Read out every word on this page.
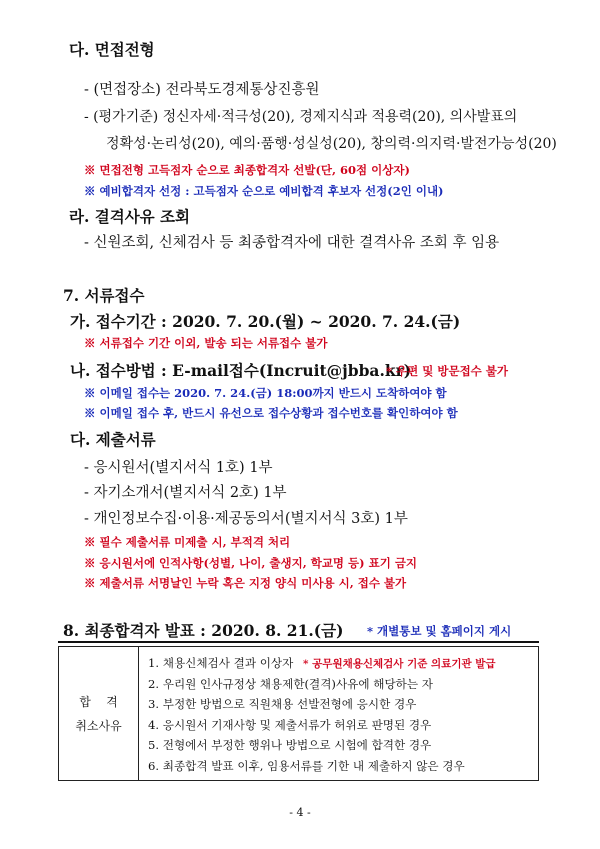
다. 면접전형
- (면접장소) 전라북도경제통상진흥원
- (평가기준) 정신자세·적극성(20), 경제지식과 적용력(20), 의사발표의
정확성·논리성(20), 예의·품행·성실성(20), 창의력·의지력·발전가능성(20)
※ 면접전형 고득점자 순으로 최종합격자 선발(단, 60점 이상자)
※ 예비합격자 선정 : 고득점자 순으로 예비합격 후보자 선정(2인 이내)
라. 결격사유 조회
- 신원조회, 신체검사 등 최종합격자에 대한 결격사유 조회 후 임용
7. 서류접수
가. 접수기간 : 2020. 7. 20.(월) ~ 2020. 7. 24.(금)
※ 서류접수 기간 이외, 발송 되는 서류접수 불가
나. 접수방법 : E-mail접수(Incruit@jbba.kr)
* 우편 및 방문접수 불가
※ 이메일 접수는 2020. 7. 24.(금) 18:00까지 반드시 도착하여야 함
※ 이메일 접수 후, 반드시 유선으로 접수상황과 접수번호를 확인하여야 함
다. 제출서류
- 응시원서(별지서식 1호) 1부
- 자기소개서(별지서식 2호) 1부
- 개인정보수집·이용·제공동의서(별지서식 3호) 1부
※ 필수 제출서류 미제출 시, 부적격 처리
※ 응시원서에 인적사항(성별, 나이, 출생지, 학교명 등) 표기 금지
※ 제출서류 서명날인 누락 혹은 지정 양식 미사용 시, 접수 불가
8. 최종합격자 발표 : 2020. 8. 21.(금) * 개별통보 및 홈페이지 게시
합    격
취소사유

1. 채용신체검사 결과 이상자 * 공무원채용신체검사 기준 의료기관 발급
2. 우리원 인사규정상 채용제한(결격)사유에 해당하는 자
3. 부정한 방법으로 직원채용 선발전형에 응시한 경우
4. 응시원서 기재사항 및 제출서류가 허위로 판명된 경우
5. 전형에서 부정한 행위나 방법으로 시험에 합격한 경우
6. 최종합격 발표 이후, 임용서류를 기한 내 제출하지 않은 경우
- 4 -
